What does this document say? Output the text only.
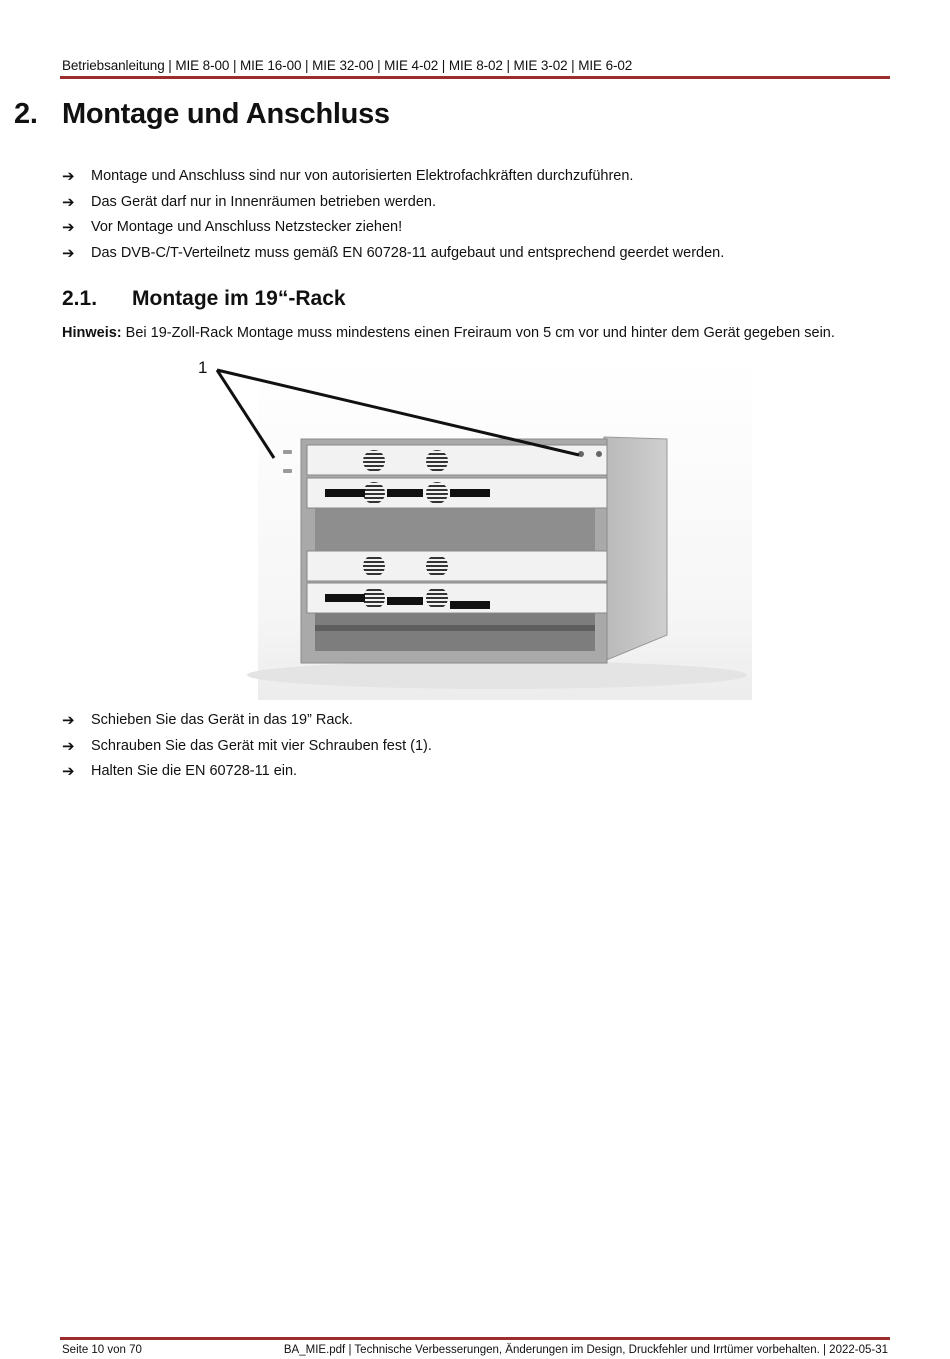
Betriebsanleitung | MIE 8-00 | MIE 16-00 | MIE 32-00 | MIE 4-02 | MIE 8-02 | MIE 3-02 | MIE 6-02
2. Montage und Anschluss
➔ Montage und Anschluss sind nur von autorisierten Elektrofachkräften durchzuführen.
➔ Das Gerät darf nur in Innenräumen betrieben werden.
➔ Vor Montage und Anschluss Netzstecker ziehen!
➔ Das DVB-C/T-Verteilnetz muss gemäß EN 60728-11 aufgebaut und entsprechend geerdet werden.
2.1. Montage im 19“-Rack
Hinweis: Bei 19-Zoll-Rack Montage muss mindestens einen Freiraum von 5 cm vor und hinter dem Gerät gegeben sein.
1
➔ Schieben Sie das Gerät in das 19” Rack.
➔ Schrauben Sie das Gerät mit vier Schrauben fest (1).
➔ Halten Sie die EN 60728-11 ein.
Seite 10 von 70	BA_MIE.pdf | Technische Verbesserungen, Änderungen im Design, Druckfehler und Irrtümer vorbehalten. | 2022-05-31
